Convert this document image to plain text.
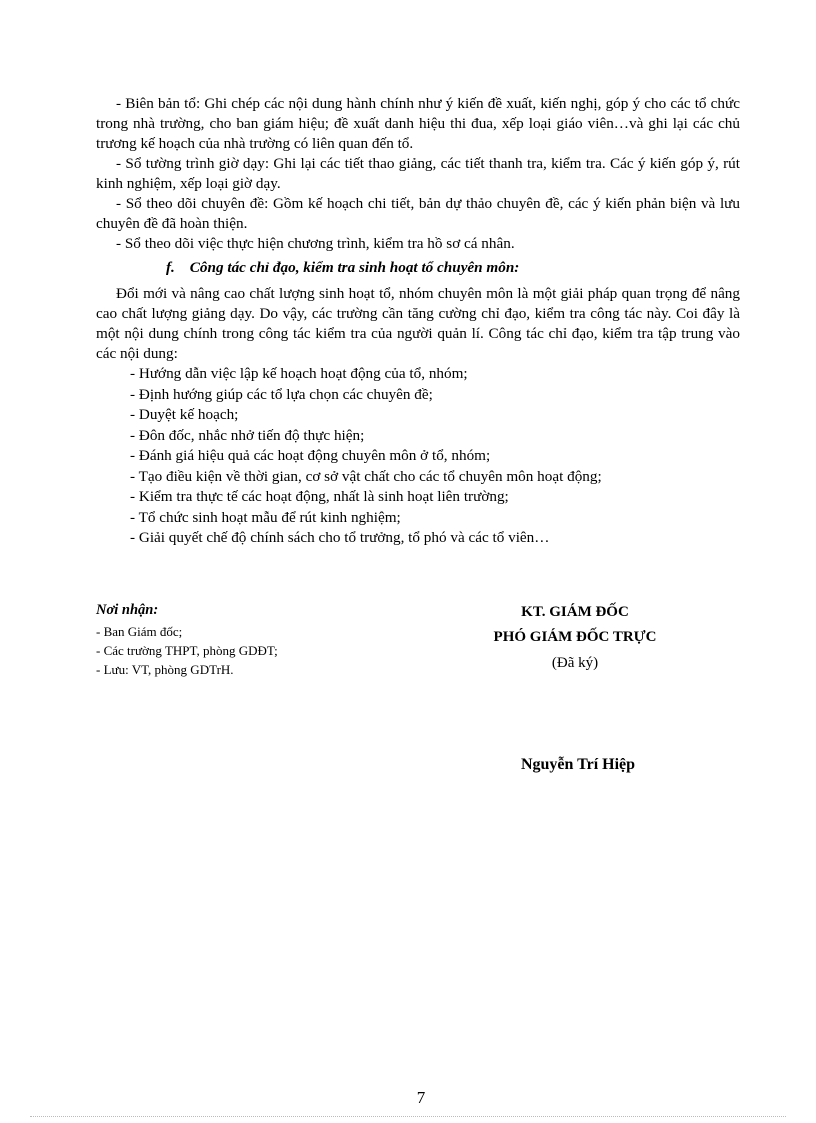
- Biên bản tổ: Ghi chép các nội dung hành chính như ý kiến đề xuất, kiến nghị, góp ý cho các tổ chức trong nhà trường, cho ban giám hiệu; đề xuất danh hiệu thi đua, xếp loại giáo viên…và ghi lại các chủ trương kế hoạch của nhà trường có liên quan đến tổ.

- Sổ tường trình giờ dạy: Ghi lại các tiết thao giảng, các tiết thanh tra, kiểm tra. Các ý kiến góp ý, rút kinh nghiệm, xếp loại giờ dạy.

- Sổ theo dõi chuyên đề: Gồm kế hoạch chi tiết, bản dự thảo chuyên đề, các ý kiến phản biện và lưu chuyên đề đã hoàn thiện.

- Sổ theo dõi việc thực hiện chương trình, kiểm tra hồ sơ cá nhân.

f. Công tác chỉ đạo, kiểm tra sinh hoạt tổ chuyên môn:

Đổi mới và nâng cao chất lượng sinh hoạt tổ, nhóm chuyên môn là một giải pháp quan trọng để nâng cao chất lượng giảng dạy. Do vậy, các trường cần tăng cường chỉ đạo, kiểm tra công tác này. Coi đây là một nội dung chính trong công tác kiểm tra của người quản lí. Công tác chỉ đạo, kiểm tra tập trung vào các nội dung:

- Hướng dẫn việc lập kế hoạch hoạt động của tổ, nhóm;
- Định hướng giúp các tổ lựa chọn các chuyên đề;
- Duyệt kế hoạch;
- Đôn đốc, nhắc nhở tiến độ thực hiện;
- Đánh giá hiệu quả các hoạt động chuyên môn ở tổ, nhóm;
- Tạo điều kiện về thời gian, cơ sở vật chất cho các tổ chuyên môn hoạt động;
- Kiểm tra thực tế các hoạt động, nhất là sinh hoạt liên trường;
- Tổ chức sinh hoạt mẫu để rút kinh nghiệm;
- Giải quyết chế độ chính sách cho tổ trưởng, tổ phó và các tổ viên…
Nơi nhận:
- Ban Giám đốc;
- Các trường THPT, phòng GDĐT;
- Lưu: VT, phòng GDTrH.
KT. GIÁM ĐỐC
PHÓ GIÁM ĐỐC TRỰC
(Đã ký)
Nguyễn Trí Hiệp
7
